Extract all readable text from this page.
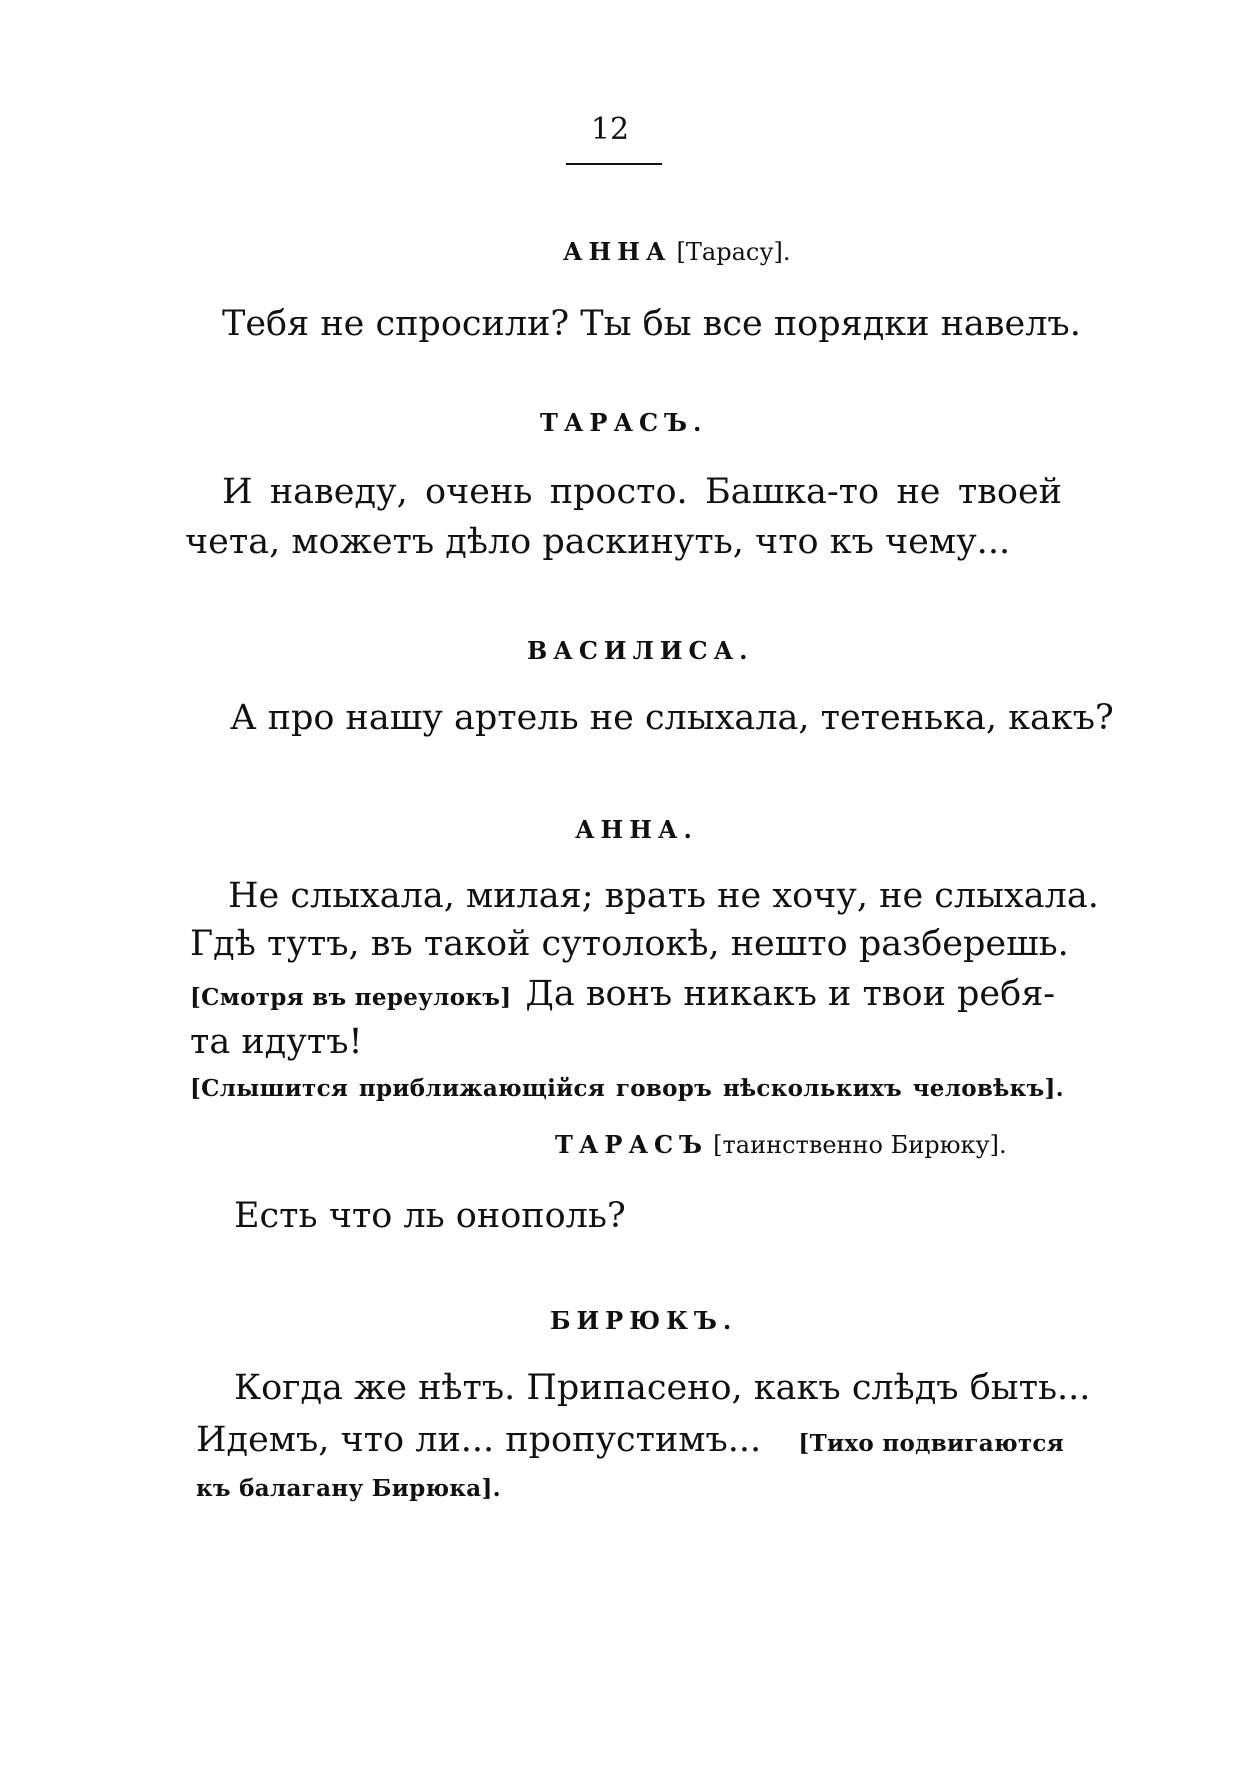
12
АННА [Тарасу].
Тебя не спросили? Ты бы все порядки навелъ.
ТАРАСЪ.
И наведу, очень просто. Башка-то не твоей
чета, можетъ дѣло раскинуть, что къ чему...
ВАСИЛИСА.
А про нашу артель не слыхала, тетенька, какъ?
АННА.
Не слыхала, милая; врать не хочу, не слыхала.
Гдѣ тутъ, въ такой сутолокѣ, нешто разберешь.
[Смотря въ переулокъ] Да вонъ никакъ и твои ребя-
та идутъ!
[Слышится приближающійся говоръ нѣсколькихъ человѣкъ].
ТАРАСЪ [таинственно Бирюку].
Есть что ль онополь?
БИРЮКЪ.
Когда же нѣтъ. Припасено, какъ слѣдъ быть...
Идемъ, что ли... пропустимъ... [Тихо подвигаются
къ балагану Бирюка].
